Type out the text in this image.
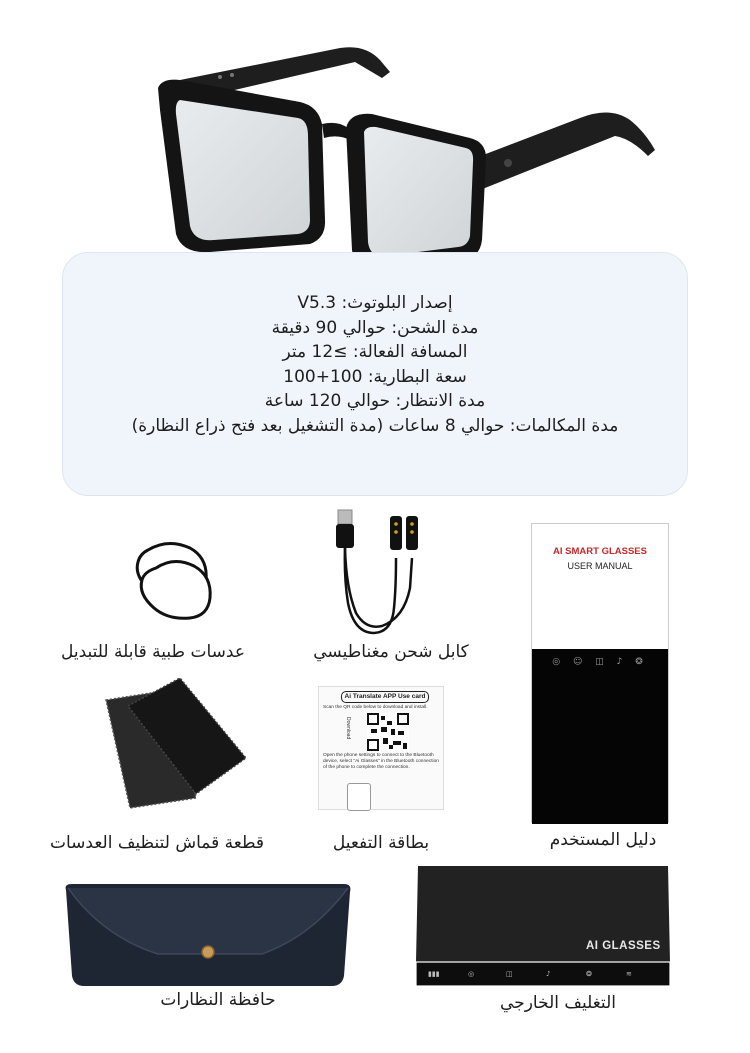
إصدار البلوتوث: V5.3
مدة الشحن: حوالي 90 دقيقة
المسافة الفعالة: ≥12 متر
سعة البطارية: 100+100
مدة الانتظار: حوالي 120 ساعة
مدة المكالمات: حوالي 8 ساعات (مدة التشغيل بعد فتح ذراع النظارة)
عدسات طبية قابلة للتبديل	كابل شحن مغناطيسي
AI SMART GLASSES
USER MANUAL
◎ ☺ ◫ ♪ ❂
دليل المستخدم
قطعة قماش لتنظيف العدسات
Ai Translate APP Use card
Scan the QR code below to download and install.
Download
Open the phone settings to connect to the Bluetooth device, select "Ai Glasses" in the Bluetooth connection of the phone to complete the connection.
بطاقة التفعيل
حافظة النظارات
▮▮▮	◎	◫	♪	❂	≋
AI GLASSES
التغليف الخارجي
